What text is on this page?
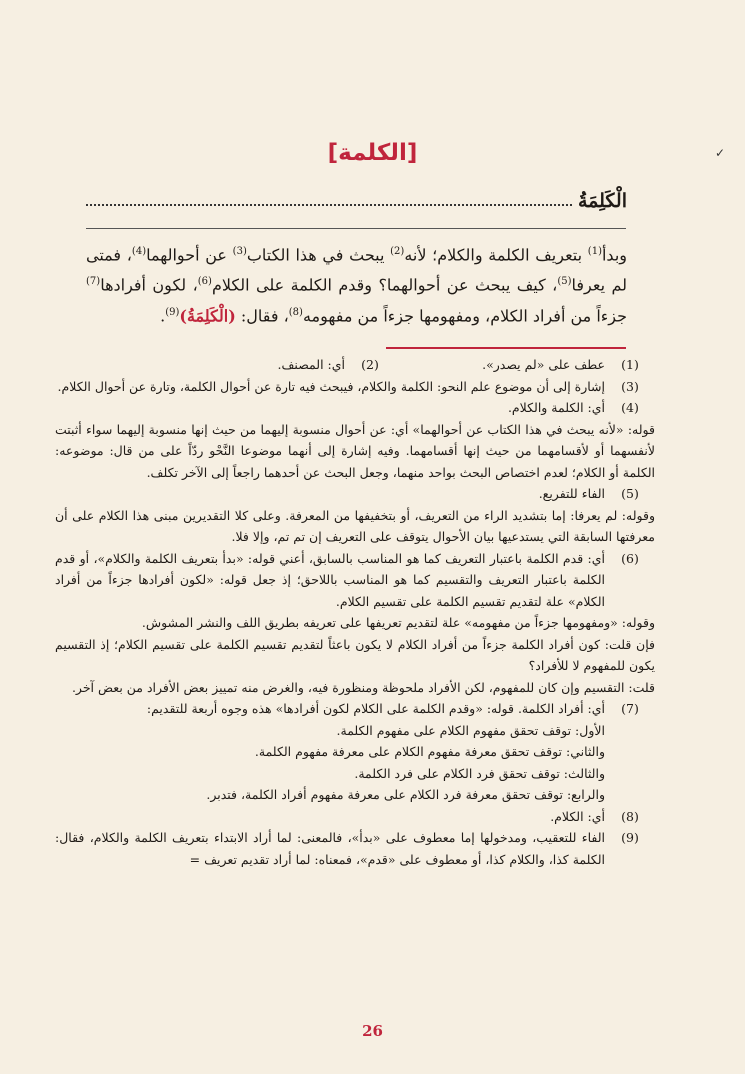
[الكلمة]	✓
الْكَلِمَةُ
وبدأ$^{(1)}$ بتعريف الكلمة والكلام؛ لأنه$^{(2)}$ يبحث في هذا الكتاب$^{(3)}$ عن أحوالهما$^{(4)}$، فمتى لم يعرفا$^{(5)}$، كيف يبحث عن أحوالهما؟ وقدم الكلمة على الكلام$^{(6)}$، لكون أفرادها$^{(7)}$ جزءاً من أفراد الكلام، ومفهومها جزءاً من مفهومه$^{(8)}$، فقال: (الْكَلِمَةُ)$^{(9)}$.
(1)
عطف على «لم يصدر».
(2)
أي: المصنف.
(3)
إشارة إلى أن موضوع علم النحو: الكلمة والكلام، فيبحث فيه تارة عن أحوال الكلمة، وتارة عن أحوال الكلام.
(4)
أي: الكلمة والكلام.
قوله: «لأنه يبحث في هذا الكتاب عن أحوالهما» أي: عن أحوال منسوبة إليهما من حيث إنها منسوبة إليهما سواء أثبتت لأنفسهما أو لأقسامهما من حيث إنها أقسامهما. وفيه إشارة إلى أنهما موضوعا النَّحْو ردّاً على من قال: موضوعه: الكلمة أو الكلام؛ لعدم اختصاص البحث بواحد منهما، وجعل البحث عن أحدهما راجعاً إلى الآخر تكلف.
(5)
الفاء للتفريع.
وقوله: لم يعرفا: إما بتشديد الراء من التعريف، أو بتخفيفها من المعرفة. وعلى كلا التقديرين مبنى هذا الكلام على أن معرفتها السابقة التي يستدعيها بيان الأحوال يتوقف على التعريف إن تم تم، وإلا فلا.
(6)
أي: قدم الكلمة باعتبار التعريف كما هو المناسب بالسابق، أعني قوله: «بدأ بتعريف الكلمة والكلام»، أو قدم الكلمة باعتبار التعريف والتقسيم كما هو المناسب باللاحق؛ إذ جعل قوله: «لكون أفرادها جزءاً من أفراد الكلام» علة لتقديم تقسيم الكلمة على تقسيم الكلام.
وقوله: «ومفهومها جزءاً من مفهومه» علة لتقديم تعريفها على تعريفه بطريق اللف والنشر المشوش.
فإن قلت: كون أفراد الكلمة جزءاً من أفراد الكلام لا يكون باعثاً لتقديم تقسيم الكلمة على تقسيم الكلام؛ إذ التقسيم يكون للمفهوم لا للأفراد؟
قلت: التقسيم وإن كان للمفهوم، لكن الأفراد ملحوظة ومنظورة فيه، والغرض منه تمييز بعض الأفراد من بعض آخر.
(7)
أي: أفراد الكلمة. قوله: «وقدم الكلمة على الكلام لكون أفرادها» هذه وجوه أربعة للتقديم:
الأول: توقف تحقق مفهوم الكلام على مفهوم الكلمة.
والثاني: توقف تحقق معرفة مفهوم الكلام على معرفة مفهوم الكلمة.
والثالث: توقف تحقق فرد الكلام على فرد الكلمة.
والرابع: توقف تحقق معرفة فرد الكلام على معرفة مفهوم أفراد الكلمة، فتدبر.
(8)
أي: الكلام.
(9)
الفاء للتعقيب، ومدخولها إما معطوف على «بدأ»، فالمعنى: لما أراد الابتداء بتعريف الكلمة والكلام، فقال: الكلمة كذا، والكلام كذا، أو معطوف على «قدم»، فمعناه: لما أراد تقديم تعريف =
26
